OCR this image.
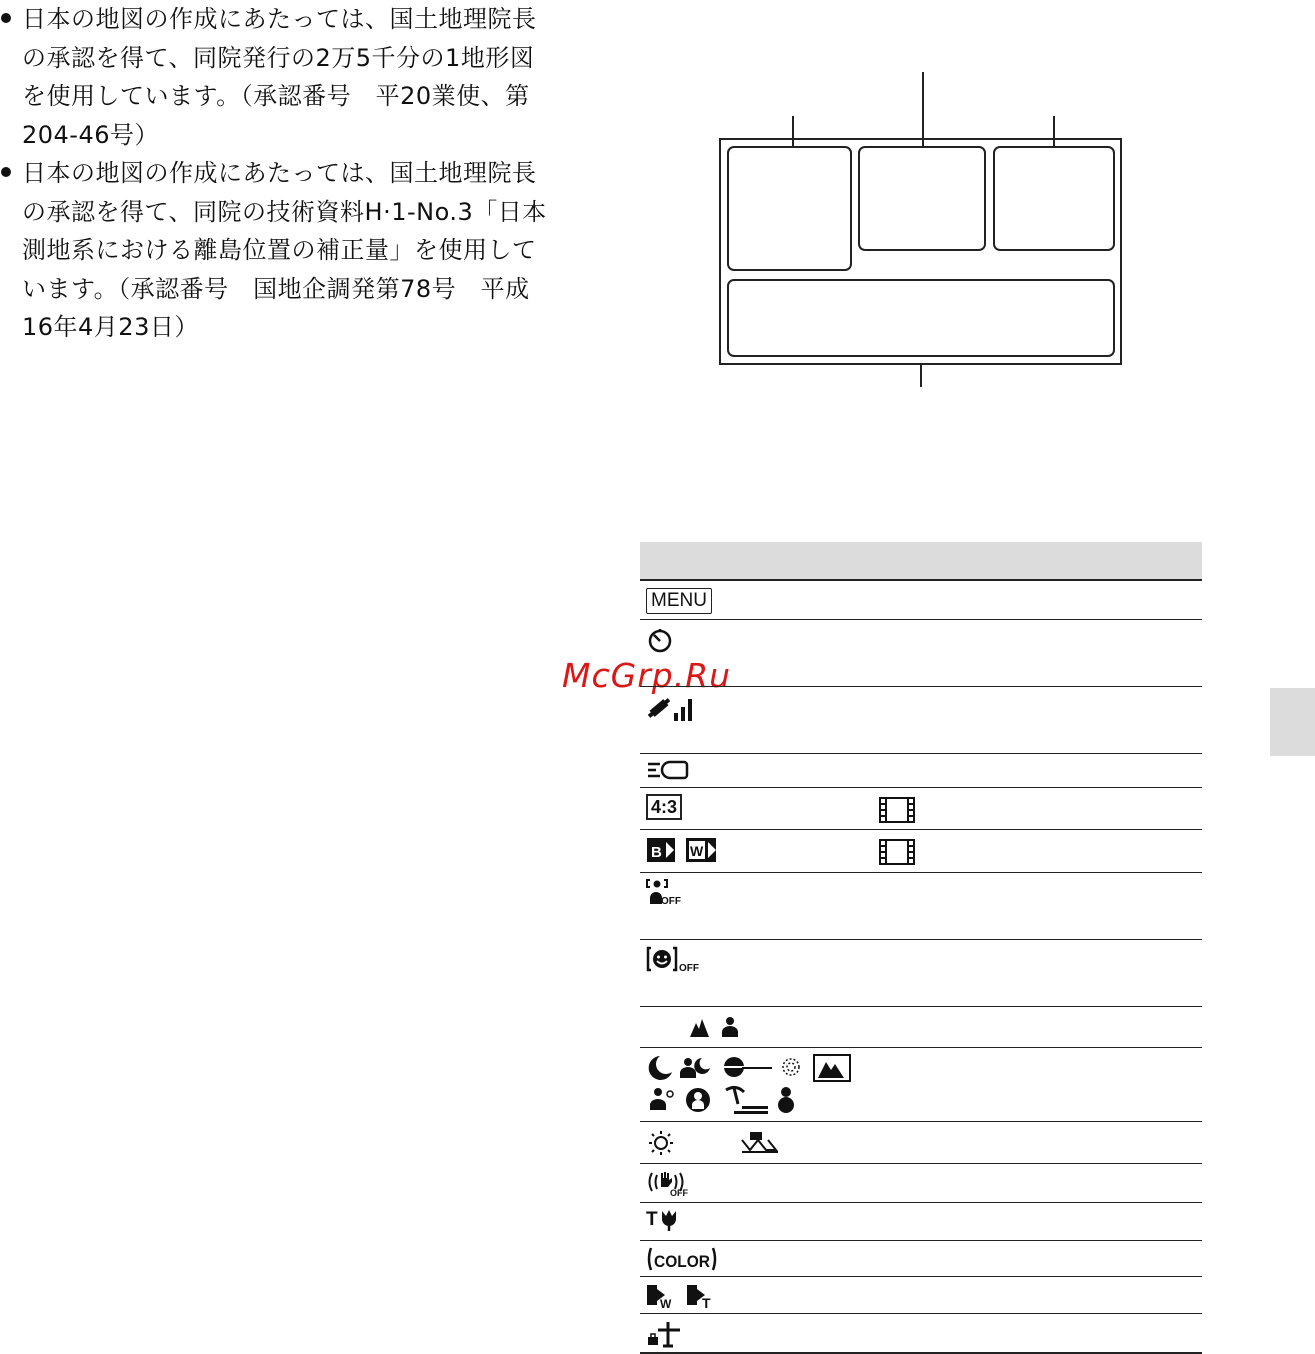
日本の地図の作成にあたっては、国土地理院長
の承認を得て、同院発行の2万5千分の1地形図
を使用しています。（承認番号　平20業使、第
204-46号）

日本の地図の作成にあたっては、国土地理院長
の承認を得て、同院の技術資料H·1-No.3「日本
測地系における離島位置の補正量」を使用して
います。（承認番号　国地企調発第78号　平成
16年4月23日）

McGrp.Ru
MENU
4:3
B W
OFF
OFF
OFF
T
COLOR
W T
